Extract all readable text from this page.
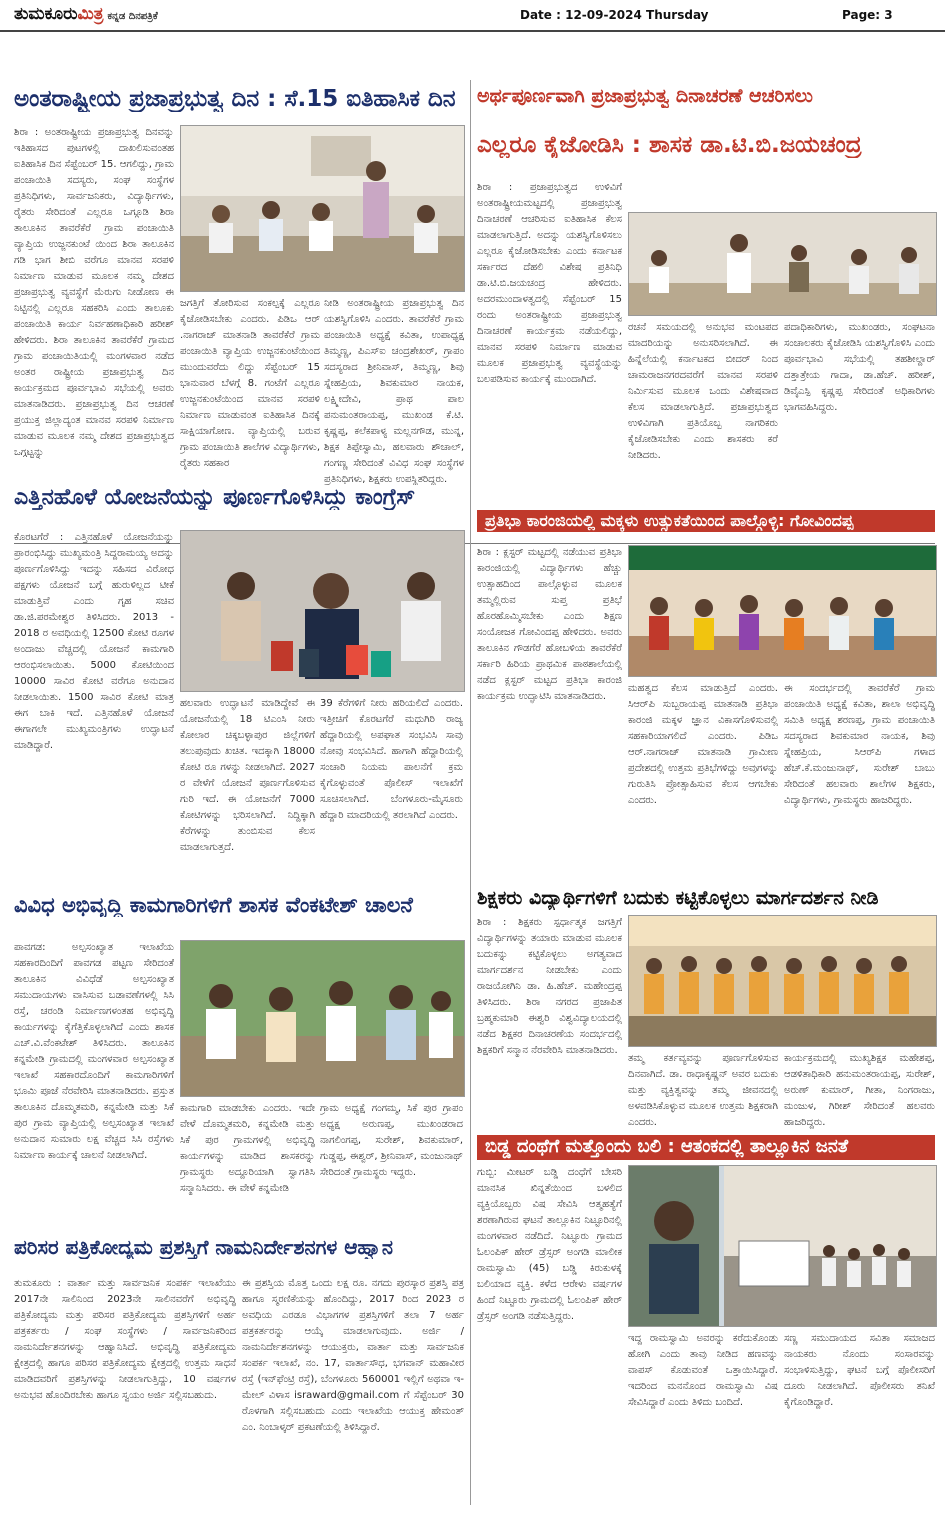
ತುಮಕೂರುಮಿತ್ರ ಕನ್ನಡ ದಿನಪತ್ರಿಕೆ	Date : 12-09-2024 Thursday	Page: 3
ಅಂತರಾಷ್ಟ್ರೀಯ ಪ್ರಜಾಪ್ರಭುತ್ವ ದಿನ : ಸೆ.15 ಐತಿಹಾಸಿಕ ದಿನ
ಶಿರಾ : ಅಂತರಾಷ್ಟ್ರೀಯ ಪ್ರಜಾಪ್ರಭುತ್ವ ದಿನವನ್ನು ಇತಿಹಾಸದ ಪುಟಗಳಲ್ಲಿ ದಾಖಲಿಸುವಂತಹ ಐತಿಹಾಸಿಕ ದಿನ ಸೆಪ್ಟೆಂಬರ್ 15. ಆಗಲಿದ್ದು, ಗ್ರಾಮ ಪಂಚಾಯಿತಿ ಸದಸ್ಯರು, ಸಂಘ ಸಂಸ್ಥೆಗಳ ಪ್ರತಿನಿಧಿಗಳು, ಸಾರ್ವಜನಿಕರು, ವಿದ್ಯಾರ್ಥಿಗಳು, ರೈತರು ಸೇರಿದಂತೆ ಎಲ್ಲರೂ ಒಗ್ಗೂಡಿ ಶಿರಾ ತಾಲೂಕಿನ ತಾವರೆಕೆರೆ ಗ್ರಾಮ ಪಂಚಾಯಿತಿ ವ್ಯಾಪ್ತಿಯ ಉಜ್ಜನಕುಂಟೆ ಯಿಂದ ಶಿರಾ ತಾಲೂಕಿನ ಗಡಿ ಭಾಗ ಶೀಬಿ ವರೆಗೂ ಮಾನವ ಸರಪಳಿ ನಿರ್ಮಾಣ ಮಾಡುವ ಮೂಲಕ ನಮ್ಮ ದೇಶದ ಪ್ರಜಾಪ್ರಭುತ್ವ ವ್ಯವಸ್ಥೆಗೆ ಮೆರುಗು ನೀಡೋಣ ಈ ನಿಟ್ಟಿನಲ್ಲಿ ಎಲ್ಲರೂ ಸಹಕರಿಸಿ ಎಂದು ತಾಲೂಕು ಪಂಚಾಯಿತಿ ಕಾರ್ಯ ನಿರ್ವಹಣಾಧಿಕಾರಿ ಹರೀಶ್ ಹೇಳಿದರು. ಶಿರಾ ತಾಲೂಕಿನ ತಾವರೆಕೆರೆ ಗ್ರಾಮದ ಗ್ರಾಮ ಪಂಚಾಯಿತಿಯಲ್ಲಿ ಮಂಗಳವಾರ ನಡೆದ ಅಂತರ ರಾಷ್ಟ್ರೀಯ ಪ್ರಜಾಪ್ರಭುತ್ವ ದಿನ ಕಾರ್ಯಕ್ರಮದ ಪೂರ್ವಭಾವಿ ಸಭೆಯಲ್ಲಿ ಅವರು ಮಾತನಾಡಿದರು. ಪ್ರಜಾಪ್ರಭುತ್ವ ದಿನ ಆಚರಣೆ ಪ್ರಯುಕ್ತ ಜಿಲ್ಲಾದ್ಯಂತ ಮಾನವ ಸರಪಳಿ ನಿರ್ಮಾಣ ಮಾಡುವ ಮೂಲಕ ನಮ್ಮ ದೇಶದ ಪ್ರಜಾಪ್ರಭುತ್ವದ ಒಗ್ಗಟ್ಟನ್ನು
ಜಗತ್ತಿಗೆ ತೋರಿಸುವ ಸಂಕಲ್ಪಕ್ಕೆ ಎಲ್ಲರೂ ಕೈಜೋಡಿಸಬೇಕು ಎಂದರು. ಪಿಡಿಒ ಆರ್ .ನಾಗರಾಜ್ ಮಾತನಾಡಿ ತಾವರೆಕೆರೆ ಗ್ರಾಮ ಪಂಚಾಯಿತಿ ವ್ಯಾಪ್ತಿಯ ಉಜ್ಜನಕುಂಟೆಯಿಂದ ಮುಂದುವರೆದು ಲಿದ್ದು ಸೆಪ್ಟೆಂಬರ್ 15 ಭಾನುವಾರ ಬೆಳಗ್ಗೆ 8. ಗಂಟೆಗೆ ಎಲ್ಲರೂ ಉಜ್ಜನಕುಂಟೆಯಿಂದ ಮಾನವ ಸರಪಳಿ ನಿರ್ಮಾಣ ಮಾಡುವಂತ ಐತಿಹಾಸಿಕ ದಿನಕ್ಕೆ ಸಾಕ್ಷಿಯಾಗೋಣ. ವ್ಯಾಪ್ತಿಯಲ್ಲಿ ಬರುವ ಗ್ರಾಮ ಪಂಚಾಯಿತಿ ಶಾಲೆಗಳ ವಿದ್ಯಾರ್ಥಿಗಳು, ರೈತರು ಸಹಕಾರ
ನೀಡಿ ಅಂತರಾಷ್ಟ್ರೀಯ ಪ್ರಜಾಪ್ರಭುತ್ವ ದಿನ ಯಶಸ್ವಿಗೊಳಿಸಿ ಎಂದರು. ತಾವರೆಕೆರೆ ಗ್ರಾಮ ಪಂಚಾಯಿತಿ ಅಧ್ಯಕ್ಷೆ ಕವಿತಾ, ಉಪಾಧ್ಯಕ್ಷ ತಿಮ್ಮಣ್ಣ, ಪಿಎಸ್ಐ ಚಂದ್ರಶೇಖರ್, ಗ್ರಾಪಂ ಸದಸ್ಯರಾದ ಶ್ರೀನಿವಾಸ್, ತಿಮ್ಮಣ್ಣ, ಶಿವು ಸ್ನೇಹಪ್ರಿಯ, ಶಿವಕುಮಾರ ನಾಯಕ, ಲಕ್ಷ್ಮೀದೇವಿ, ಪ್ರಾಥ ಪಾಲ ಪನುಮಂತರಾಯಪ್ಪ, ಮುಖಂಡ ಕೆ.ಟಿ. ಕೃಷ್ಣಪ್ಪ, ಕಲೆಕಪಾಳ್ಯ ಮಲ್ಲನಗೌಡ, ಮುನ್ನ, ಶಿಕ್ಷಕ ತಿಪ್ಪೇಸ್ವಾಮಿ, ಹಲವಾರು ಶೌಚಾಲ್, ಗಂಗಣ್ಣ ಸೇರಿದಂತೆ ವಿವಿಧ ಸಂಘ ಸಂಸ್ಥೆಗಳ ಪ್ರತಿನಿಧಿಗಳು, ಶಿಕ್ಷಕರು ಉಪಸ್ಥಿತರಿದ್ದರು.
ಅರ್ಥಪೂರ್ಣವಾಗಿ ಪ್ರಜಾಪ್ರಭುತ್ವ ದಿನಾಚರಣೆ ಆಚರಿಸಲು
ಎಲ್ಲರೂ ಕೈಜೋಡಿಸಿ : ಶಾಸಕ ಡಾ.ಟಿ.ಬಿ.ಜಯಚಂದ್ರ
ಶಿರಾ : ಪ್ರಜಾಪ್ರಭುತ್ವದ ಉಳಿವಿಗೆ ಅಂತರಾಷ್ಟ್ರೀಯಮಟ್ಟದಲ್ಲಿ ಪ್ರಜಾಪ್ರಭುತ್ವ ದಿನಾಚರಣೆ ಆಚರಿಸುವ ಐತಿಹಾಸಿಕ ಕೆಲಸ ಮಾಡಲಾಗುತ್ತಿದೆ. ಅದನ್ನು ಯಶಸ್ವಿಗೊಳಿಸಲು ಎಲ್ಲರೂ ಕೈಜೋಡಿಸಬೇಕು ಎಂದು ಕರ್ನಾಟಕ ಸರ್ಕಾರದ ದೆಹಲಿ ವಿಶೇಷ ಪ್ರತಿನಿಧಿ ಡಾ.ಟಿ.ಬಿ.ಜಯಚಂದ್ರ ಹೇಳಿದರು. ಅದರಮುಂದಾಳತ್ವದಲ್ಲಿ ಸೆಪ್ಟೆಂಬರ್ 15 ರಂದು ಅಂತರಾಷ್ಟ್ರೀಯ ಪ್ರಜಾಪ್ರಭುತ್ವ ದಿನಾಚರಣೆ ಕಾರ್ಯಕ್ರಮ ನಡೆಯಲಿದ್ದು, ಮಾನವ ಸರಪಳಿ ನಿರ್ಮಾಣ ಮಾಡುವ ಮೂಲಕ ಪ್ರಜಾಪ್ರಭುತ್ವ ವ್ಯವಸ್ಥೆಯನ್ನು ಬಲಪಡಿಸುವ ಕಾರ್ಯಕ್ಕೆ ಮುಂದಾಗಿದೆ.
ರಚನೆ ಸಮಯದಲ್ಲಿ ಅನುಭವ ಮಂಟಪದ ಮಾದರಿಯನ್ನು ಅನುಸರಿಸಲಾಗಿದೆ. ಈ ಹಿನ್ನೆಲೆಯಲ್ಲಿ ಕರ್ನಾಟಕದ ಬೀದರ್ ನಿಂದ ಚಾಮರಾಜನಗರದವರೆಗೆ ಮಾನವ ಸರಪಳಿ ನಿರ್ಮಿಸುವ ಮೂಲಕ ಒಂದು ವಿಶೇಷವಾದ ಕೆಲಸ ಮಾಡಲಾಗುತ್ತಿದೆ. ಪ್ರಜಾಪ್ರಭುತ್ವದ ಉಳಿವಿಗಾಗಿ ಪ್ರತಿಯೊಬ್ಬ ನಾಗರಿಕರು ಕೈಜೋಡಿಸಬೇಕು ಎಂದು ಶಾಸಕರು ಕರೆ ನೀಡಿದರು.
ಪದಾಧಿಕಾರಿಗಳು, ಮುಖಂಡರು, ಸಂಘಟನಾ ಸಂಚಾಲಕರು ಕೈಜೋಡಿಸಿ ಯಶಸ್ವಿಗೊಳಿಸಿ ಎಂದು ಪೂರ್ವಭಾವಿ ಸಭೆಯಲ್ಲಿ ತಹಶೀಲ್ದಾರ್ ದತ್ತಾತ್ರೇಯ ಗಾದಾ, ಡಾ.ಹೆಚ್. ಹರೀಶ್, ಡಿವೈಎಸ್ಪಿ ಕೃಷ್ಣಪ್ಪ ಸೇರಿದಂತೆ ಅಧಿಕಾರಿಗಳು ಭಾಗವಹಿಸಿದ್ದರು.
ಎತ್ತಿನಹೊಳೆ ಯೋಜನೆಯನ್ನು ಪೂರ್ಣಗೊಳಿಸಿದ್ದು ಕಾಂಗ್ರೆಸ್
ಕೊರಟಗೆರೆ : ಎತ್ತಿನಹೊಳೆ ಯೋಜನೆಯನ್ನು ಪ್ರಾರಂಭಿಸಿದ್ದು ಮುಖ್ಯಮಂತ್ರಿ ಸಿದ್ದರಾಮಯ್ಯ ಅದನ್ನು ಪೂರ್ಣಗೊಳಿಸಿದ್ದು ಇದನ್ನು ಸಹಿಸದ ವಿರೋಧ ಪಕ್ಷಗಳು ಯೋಜನೆ ಬಗ್ಗೆ ಹುರುಳಿಲ್ಲದ ಟೀಕೆ ಮಾಡುತ್ತಿವೆ ಎಂದು ಗೃಹ ಸಚಿವ ಡಾ.ಜಿ.ಪರಮೇಶ್ವರ ತಿಳಿಸಿದರು. 2013 - 2018 ರ ಅವಧಿಯಲ್ಲಿ 12500 ಕೋಟಿ ರೂಗಳ ಅಂದಾಜು ವೆಚ್ಚದಲ್ಲಿ ಯೋಜನೆ ಕಾಮಗಾರಿ ಆರಂಭಿಸಲಾಯಿತು. 5000 ಕೋಟಿಯಿಂದ 10000 ಸಾವಿರ ಕೋಟಿ ವರೆಗೂ ಅನುದಾನ ನೀಡಲಾಯಿತು. 1500 ಸಾವಿರ ಕೋಟಿ ಮಾತ್ರ ಈಗ ಬಾಕಿ ಇದೆ. ಎತ್ತಿನಹೊಳೆ ಯೋಜನೆ ಈಗಾಗಲೇ ಮುಖ್ಯಮಂತ್ರಿಗಳು ಉದ್ಘಾಟನೆ ಮಾಡಿದ್ದಾರೆ.
ಹಲವಾರು ಉದ್ಘಾಟನೆ ಮಾಡಿದ್ದೇವೆ ಈ ಯೋಜನೆಯಲ್ಲಿ 18 ಟಿಎಂಸಿ ನೀರು ಕೋಲಾರ ಚಿಕ್ಕಬಳ್ಳಾಪುರ ಜಿಲ್ಲೆಗಳಿಗೆ ತಲುಪುವುದು ಖಚಿತ. ಇದಕ್ಕಾಗಿ 18000 ಕೋಟಿ ರೂ ಗಳನ್ನು ನೀಡಲಾಗಿದೆ. 2027 ರ ವೇಳೆಗೆ ಯೋಜನೆ ಪೂರ್ಣಗೊಳಿಸುವ ಗುರಿ ಇದೆ. ಈ ಯೋಜನೆಗೆ 7000 ಕೋಟಿಗಳನ್ನು ಭರಿಸಲಾಗಿದೆ. ನಿದ್ದಿಕ್ಕಾಗಿ ಕೆರೆಗಳನ್ನು ತುಂಬಿಸುವ ಕೆಲಸ ಮಾಡಲಾಗುತ್ತದೆ.
39 ಕೆರೆಗಳಿಗೆ ನೀರು ಹರಿಯಲಿದೆ ಎಂದರು. ಇತ್ತೀಚಿಗೆ ಕೊರಟಗೆರೆ ಮಧುಗಿರಿ ರಾಜ್ಯ ಹೆದ್ದಾರಿಯಲ್ಲಿ ಅಪಘಾತ ಸಂಭವಿಸಿ ಸಾವು ನೋವು ಸಂಭವಿಸಿದೆ. ಹಾಗಾಗಿ ಹೆದ್ದಾರಿಯಲ್ಲಿ ಸಂಚಾರಿ ನಿಯಮ ಪಾಲನೆಗೆ ಕ್ರಮ ಕೈಗೊಳ್ಳುವಂತೆ ಪೊಲೀಸ್ ಇಲಾಖೆಗೆ ಸೂಚಿಸಲಾಗಿದೆ. ಬೆಂಗಳೂರು-ಮೈಸೂರು ಹೆದ್ದಾರಿ ಮಾದರಿಯಲ್ಲಿ ತರಲಾಗಿದೆ ಎಂದರು.
ಪ್ರತಿಭಾ ಕಾರಂಜಿಯಲ್ಲಿ ಮಕ್ಕಳು ಉತ್ಸುಕತೆಯಿಂದ ಪಾಲ್ಗೊಳ್ಳಿ: ಗೋವಿಂದಪ್ಪ
ಶಿರಾ : ಕ್ಲಸ್ಟರ್ ಮಟ್ಟದಲ್ಲಿ ನಡೆಯುವ ಪ್ರತಿಭಾ ಕಾರಂಜಿಯಲ್ಲಿ ವಿದ್ಯಾರ್ಥಿಗಳು ಹೆಚ್ಚು ಉತ್ಸಾಹದಿಂದ ಪಾಲ್ಗೊಳ್ಳುವ ಮೂಲಕ ತಮ್ಮಲ್ಲಿರುವ ಸುಪ್ತ ಪ್ರತಿಭೆ ಹೊರಹೊಮ್ಮಿಸಬೇಕು ಎಂದು ಶಿಕ್ಷಣ ಸಂಯೋಜಕ ಗೋವಿಂದಪ್ಪ ಹೇಳಿದರು. ಅವರು ತಾಲೂಕಿನ ಗೌಡಗೆರೆ ಹೋಬಳಿಯ ತಾವರೆಕೆರೆ ಸರ್ಕಾರಿ ಹಿರಿಯ ಪ್ರಾಥಮಿಕ ಪಾಠಶಾಲೆಯಲ್ಲಿ ನಡೆದ ಕ್ಲಸ್ಟರ್ ಮಟ್ಟದ ಪ್ರತಿಭಾ ಕಾರಂಜಿ ಕಾರ್ಯಕ್ರಮ ಉದ್ಘಾಟಿಸಿ ಮಾತನಾಡಿದರು.
ಮಹತ್ವದ ಕೆಲಸ ಮಾಡುತ್ತಿದೆ ಎಂದರು. ಸಿಆರ್‌ಪಿ ಸುಬ್ಬರಾಯಪ್ಪ ಮಾತನಾಡಿ ಪ್ರತಿಭಾ ಕಾರಂಜಿ ಮಕ್ಕಳ ಜ್ಞಾನ ವಿಕಾಸಗೊಳಿಸುವಲ್ಲಿ ಸಹಕಾರಿಯಾಗಲಿದೆ ಎಂದರು. ಪಿಡಿಒ ಆರ್.ನಾಗರಾಜ್ ಮಾತನಾಡಿ ಗ್ರಾಮೀಣ ಪ್ರದೇಶದಲ್ಲಿ ಉತ್ತಮ ಪ್ರತಿಭೆಗಳಿದ್ದು ಅವುಗಳನ್ನು ಗುರುತಿಸಿ ಪ್ರೋತ್ಸಾಹಿಸುವ ಕೆಲಸ ಆಗಬೇಕು ಎಂದರು.
ಈ ಸಂದರ್ಭದಲ್ಲಿ ತಾವರೆಕೆರೆ ಗ್ರಾಮ ಪಂಚಾಯಿತಿ ಅಧ್ಯಕ್ಷೆ ಕವಿತಾ, ಶಾಲಾ ಅಭಿವೃದ್ಧಿ ಸಮಿತಿ ಅಧ್ಯಕ್ಷ ಶರಣಪ್ಪ, ಗ್ರಾಮ ಪಂಚಾಯಿತಿ ಸದಸ್ಯರಾದ ಶಿವಕುಮಾರ ನಾಯಕ, ಶಿವು ಸ್ನೇಹಪ್ರಿಯ, ಸಿಆರ್‌ಪಿ ಗಳಾದ ಹೆಚ್.ಕೆ.ಮಂಜುನಾಥ್, ಸುರೇಶ್ ಬಾಬು ಸೇರಿದಂತೆ ಹಲವಾರು ಶಾಲೆಗಳ ಶಿಕ್ಷಕರು, ವಿದ್ಯಾರ್ಥಿಗಳು, ಗ್ರಾಮಸ್ಥರು ಹಾಜರಿದ್ದರು.
ವಿವಿಧ ಅಭಿವೃದ್ಧಿ ಕಾಮಗಾರಿಗಳಿಗೆ ಶಾಸಕ ವೆಂಕಟೇಶ್ ಚಾಲನೆ
ಪಾವಗಡ: ಅಲ್ಪಸಂಖ್ಯಾತ ಇಲಾಖೆಯ ಸಹಕಾರದಿಂದಿಗೆ ಪಾವಗಡ ಪಟ್ಟಣ ಸೇರಿದಂತೆ ತಾಲೂಕಿನ ವಿವಿಧೆಡೆ ಅಲ್ಪಸಂಖ್ಯಾತ ಸಮುದಾಯಗಳು ವಾಸಿಸುವ ಬಡಾವಣೆಗಳಲ್ಲಿ ಸಿಸಿ ರಸ್ತೆ, ಚರಂಡಿ ನಿರ್ಮಾಣಗಳಂತಹ ಅಭಿವೃದ್ಧಿ ಕಾರ್ಯಗಳನ್ನು ಕೈಗೆತ್ತಿಕೊಳ್ಳಲಾಗಿದೆ ಎಂದು ಶಾಸಕ ಎಚ್.ವಿ.ವೆಂಕಟೇಶ್ ತಿಳಿಸಿದರು. ತಾಲೂಕಿನ ಕನ್ನಮೇಡಿ ಗ್ರಾಮದಲ್ಲಿ ಮಂಗಳವಾರ ಅಲ್ಪಸಂಖ್ಯಾತ ಇಲಾಖೆ ಸಹಕಾರದೊಂದಿಗೆ ಕಾಮಗಾರಿಗಳಿಗೆ ಭೂಮಿ ಪೂಜೆ ನೆರವೇರಿಸಿ ಮಾತನಾಡಿದರು. ಪ್ರಸ್ತುತ ತಾಲೂಕಿನ ದೊಮ್ಮತಮರಿ, ಕನ್ನಮೇಡಿ ಮತ್ತು ಸಿಕೆ ಪುರ ಗ್ರಾಮ ವ್ಯಾಪ್ತಿಯಲ್ಲಿ ಅಲ್ಪಸಂಖ್ಯಾತ ಇಲಾಖೆ ಅನುದಾನ ಸುಮಾರು ಲಕ್ಷ ವೆಚ್ಚದ ಸಿಸಿ ರಸ್ತೆಗಳು ನಿರ್ಮಾಣ ಕಾರ್ಯಕ್ಕೆ ಚಾಲನೆ ನೀಡಲಾಗಿದೆ.
ಕಾಮಗಾರಿ ಮಾಡಬೇಕು ಎಂದರು. ಇದೇ ವೇಳೆ ದೊಮ್ಮತಮರಿ, ಕನ್ನಮೇಡಿ ಮತ್ತು ಸಿಕೆ ಪುರ ಗ್ರಾಮಗಳಲ್ಲಿ ಅಭಿವೃದ್ಧಿ ಕಾರ್ಯಗಳನ್ನು ಮಾಡಿದ ಶಾಸಕರನ್ನು ಗ್ರಾಮಸ್ಥರು ಅದ್ದೂರಿಯಾಗಿ ಸ್ವಾಗತಿಸಿ ಸನ್ಮಾನಿಸಿದರು. ಈ ವೇಳೆ ಕನ್ನಮೇಡಿ
ಗ್ರಾಮ ಅಧ್ಯಕ್ಷೆ ಗಂಗಮ್ಮ, ಸಿಕೆ ಪುರ ಗ್ರಾಪಂ ಅಧ್ಯಕ್ಷ ಅರುಣಪ್ಪ, ಮುಖಂಡರಾದ ನಾಗಲಿಂಗಪ್ಪ, ಸುರೇಶ್, ಶಿವಕುಮಾರ್, ಗುಡ್ಡಪ್ಪ, ಈಶ್ವರ್, ಶ್ರೀನಿವಾಸ್, ಮಂಜುನಾಥ್ ಸೇರಿದಂತೆ ಗ್ರಾಮಸ್ಥರು ಇದ್ದರು.
ಶಿಕ್ಷಕರು ವಿದ್ಯಾರ್ಥಿಗಳಿಗೆ ಬದುಕು ಕಟ್ಟಿಕೊಳ್ಳಲು ಮಾರ್ಗದರ್ಶನ ನೀಡಿ
ಶಿರಾ : ಶಿಕ್ಷಕರು ಸ್ಪರ್ಧಾತ್ಮಕ ಜಗತ್ತಿಗೆ ವಿದ್ಯಾರ್ಥಿಗಳನ್ನು ತಯಾರು ಮಾಡುವ ಮೂಲಕ ಬದುಕನ್ನು ಕಟ್ಟಿಕೊಳ್ಳಲು ಅಗತ್ಯವಾದ ಮಾರ್ಗದರ್ಶನ ನೀಡಬೇಕು ಎಂದು ರಾಜಯೋಗಿನಿ ಡಾ. ಹಿ.ಹೆಚ್. ಮಹೇಂದ್ರಪ್ಪ ತಿಳಿಸಿದರು. ಶಿರಾ ನಗರದ ಪ್ರಜಾಪಿತ ಬ್ರಹ್ಮಕುಮಾರಿ ಈಶ್ವರಿ ವಿಶ್ವವಿದ್ಯಾಲಯದಲ್ಲಿ ನಡೆದ ಶಿಕ್ಷಕರ ದಿನಾಚರಣೆಯ ಸಂದರ್ಭದಲ್ಲಿ ಶಿಕ್ಷಕರಿಗೆ ಸನ್ಮಾನ ನೆರವೇರಿಸಿ ಮಾತನಾಡಿದರು.
ತಮ್ಮ ಕರ್ತವ್ಯವನ್ನು ಪೂರ್ಣಗೊಳಿಸುವ ದಿನವಾಗಿದೆ. ಡಾ. ರಾಧಾಕೃಷ್ಣನ್ ಅವರ ಬದುಕು ಮತ್ತು ವ್ಯಕ್ತಿತ್ವವನ್ನು ತಮ್ಮ ಜೀವನದಲ್ಲಿ ಅಳವಡಿಸಿಕೊಳ್ಳುವ ಮೂಲಕ ಉತ್ತಮ ಶಿಕ್ಷಕರಾಗಿ ಎಂದರು.
ಕಾರ್ಯಕ್ರಮದಲ್ಲಿ ಮುಖ್ಯಶಿಕ್ಷಕ ಮಹೇಶಪ್ಪ, ಆಡಳಿತಾಧಿಕಾರಿ ಹನುಮಂತರಾಯಪ್ಪ, ಸುರೇಶ್, ಅರುಣ್ ಕುಮಾರ್, ಗೀತಾ, ನಿಂಗರಾಜು, ಮಂಜುಳ, ಗಿರೀಶ್ ಸೇರಿದಂತೆ ಹಲವರು ಹಾಜರಿದ್ದರು.
ಬಿಡ್ಡ ದಂಥೆಗೆ ಮತ್ತೊಂದು ಬಲಿ : ಆತಂಕದಲ್ಲಿ ತಾಲ್ಲೂಕಿನ ಜನತೆ
ಗುಬ್ಬಿ: ಮೀಟರ್ ಬಡ್ಡಿ ದಂಧೆಗೆ ಬೇಸರಿ ಮಾನಸಿಕ ಖಿನ್ನತೆಯಿಂದ ಬಳಲಿದ ವ್ಯಕ್ತಿಯೊಬ್ಬರು ವಿಷ ಸೇವಿಸಿ ಆತ್ಮಹತ್ಯೆಗೆ ಶರಣಾಗಿರುವ ಘಟನೆ ತಾಲ್ಲೂಕಿನ ನಿಟ್ಟೂರಿನಲ್ಲಿ ಮಂಗಳವಾರ ನಡೆದಿದೆ. ನಿಟ್ಟೂರು ಗ್ರಾಮದ ಓಲಂಪಿಕ್ ಹೇರ್ ಡ್ರೆಸ್ಸರ್ ಅಂಗಡಿ ಮಾಲೀಕ ರಾಮಸ್ವಾಮಿ (45) ಬಡ್ಡಿ ಕಿರುಕುಳಕ್ಕೆ ಬಲಿಯಾದ ವ್ಯಕ್ತಿ. ಕಳೆದ ಆರೇಳು ವರ್ಷಗಳ ಹಿಂದೆ ನಿಟ್ಟೂರು ಗ್ರಾಮದಲ್ಲಿ ಓಲಂಪಿಕ್ ಹೇರ್ ಡ್ರೆಸ್ಸರ್ ಅಂಗಡಿ ನಡೆಸುತ್ತಿದ್ದರು.
ಇದ್ದ ರಾಮಸ್ವಾಮಿ ಅವರನ್ನು ಕರೆದುಕೊಂಡು ಹೋಗಿ ಎಂದು ತಾವು ನೀಡಿದ ಹಣವನ್ನು ವಾಪಸ್ ಕೊಡುವಂತೆ ಒತ್ತಾಯಿಸಿದ್ದಾರೆ. ಇದರಿಂದ ಮನನೊಂದ ರಾಮಸ್ವಾಮಿ ವಿಷ ಸೇವಿಸಿದ್ದಾರೆ ಎಂದು ತಿಳಿದು ಬಂದಿದೆ.
ಸಣ್ಣ ಸಮುದಾಯದ ಸವಿತಾ ಸಮಾಜದ ನಾಯಕರು ನೊಂದು ಸಂಸಾರವನ್ನು ಸಂಭಾಳಿಸುತ್ತಿದ್ದು, ಘಟನೆ ಬಗ್ಗೆ ಪೊಲೀಸರಿಗೆ ದೂರು ನೀಡಲಾಗಿದೆ. ಪೊಲೀಸರು ತನಿಖೆ ಕೈಗೊಂಡಿದ್ದಾರೆ.
ಪರಿಸರ ಪತ್ರಿಕೋದ್ಯಮ ಪ್ರಶಸ್ತಿಗೆ ನಾಮನಿರ್ದೇಶನಗಳ ಆಹ್ವಾನ
ತುಮಕೂರು : ವಾರ್ತಾ ಮತ್ತು ಸಾರ್ವಜನಿಕ ಸಂಪರ್ಕ ಇಲಾಖೆಯು 2017ನೇ ಸಾಲಿನಿಂದ 2023ನೇ ಸಾಲಿನವರೆಗೆ ಅಭಿವೃದ್ಧಿ ಪತ್ರಿಕೋದ್ಯಮ ಮತ್ತು ಪರಿಸರ ಪತ್ರಿಕೋದ್ಯಮ ಪ್ರಶಸ್ತಿಗಳಿಗೆ ಅರ್ಹ ಪತ್ರಕರ್ತರು / ಸಂಘ ಸಂಸ್ಥೆಗಳು / ಸಾರ್ವಜನಿಕರಿಂದ ನಾಮನಿರ್ದೇಶನಗಳನ್ನು ಆಹ್ವಾನಿಸಿದೆ. ಅಭಿವೃದ್ಧಿ ಪತ್ರಿಕೋದ್ಯಮ ಕ್ಷೇತ್ರದಲ್ಲಿ ಹಾಗೂ ಪರಿಸರ ಪತ್ರಿಕೋದ್ಯಮ ಕ್ಷೇತ್ರದಲ್ಲಿ ಉತ್ತಮ ಸಾಧನೆ ಮಾಡಿದವರಿಗೆ ಪ್ರಶಸ್ತಿಗಳನ್ನು ನೀಡಲಾಗುತ್ತಿದ್ದು, 10 ವರ್ಷಗಳ ಅನುಭವ ಹೊಂದಿರಬೇಕು ಹಾಗೂ ಸ್ವಯಂ ಅರ್ಜಿ ಸಲ್ಲಿಸಬಹುದು.
ಈ ಪ್ರಶಸ್ತಿಯ ಮೊತ್ತ ಒಂದು ಲಕ್ಷ ರೂ. ನಗದು ಪುರಸ್ಕಾರ ಪ್ರಶಸ್ತಿ ಪತ್ರ ಹಾಗೂ ಸ್ಮರಣಿಕೆಯನ್ನು ಹೊಂದಿದ್ದು, 2017 ರಿಂದ 2023 ರ ಅವಧಿಯ ಎರಡೂ ವಿಭಾಗಗಳ ಪ್ರಶಸ್ತಿಗಳಿಗೆ ತಲಾ 7 ಅರ್ಹ ಪತ್ರಕರ್ತರನ್ನು ಆಯ್ಕೆ ಮಾಡಲಾಗುವುದು. ಅರ್ಜಿ / ನಾಮನಿರ್ದೇಶನಗಳನ್ನು ಆಯುಕ್ತರು, ವಾರ್ತಾ ಮತ್ತು ಸಾರ್ವಜನಿಕ ಸಂಪರ್ಕ ಇಲಾಖೆ, ನಂ. 17, ವಾರ್ತಾಸೌಧ, ಭಗವಾನ್ ಮಹಾವೀರ ರಸ್ತೆ (ಇನ್‌ಫೆಂಟ್ರಿ ರಸ್ತೆ), ಬೆಂಗಳೂರು 560001 ಇಲ್ಲಿಗೆ ಅಥವಾ ಇ-ಮೇಲ್ ವಿಳಾಸ israward@gmail.com ಗೆ ಸೆಪ್ಟೆಂಬರ್ 30 ರೊಳಗಾಗಿ ಸಲ್ಲಿಸಬಹುದು ಎಂದು ಇಲಾಖೆಯ ಆಯುಕ್ತ ಹೇಮಂತ್ ಎಂ. ನಿಂಬಾಳ್ಕರ್ ಪ್ರಕಟಣೆಯಲ್ಲಿ ತಿಳಿಸಿದ್ದಾರೆ.
